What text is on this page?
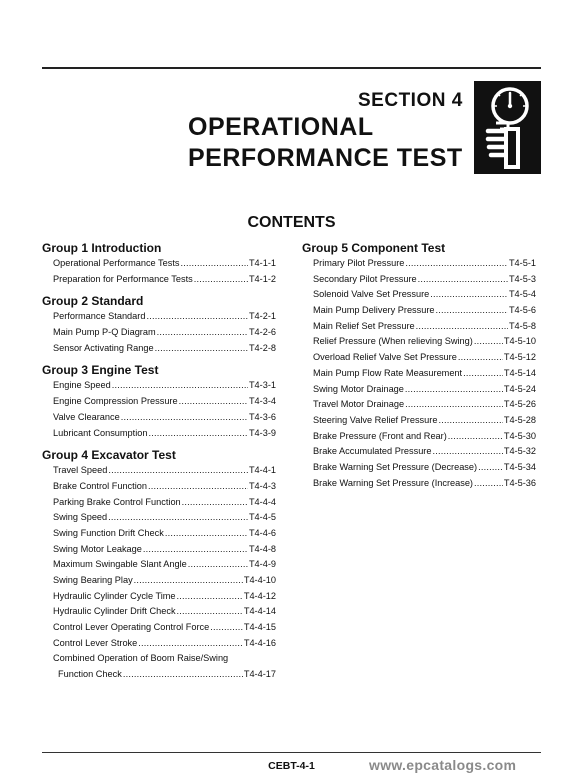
SECTION 4
OPERATIONAL
PERFORMANCE TEST
CONTENTS
Group 1 Introduction
Operational Performance Tests .....	T4-1-1
Preparation for Performance Tests .....	T4-1-2
Group 2 Standard
Performance Standard .....	T4-2-1
Main Pump P-Q Diagram .....	T4-2-6
Sensor Activating Range .....	T4-2-8
Group 3 Engine Test
Engine Speed .....	T4-3-1
Engine Compression Pressure .....	T4-3-4
Valve Clearance .....	T4-3-6
Lubricant Consumption .....	T4-3-9
Group 4 Excavator Test
Travel Speed .....	T4-4-1
Brake Control Function .....	T4-4-3
Parking Brake Control Function .....	T4-4-4
Swing Speed .....	T4-4-5
Swing Function Drift Check .....	T4-4-6
Swing Motor Leakage .....	T4-4-8
Maximum Swingable Slant Angle .....	T4-4-9
Swing Bearing Play .....	T4-4-10
Hydraulic Cylinder Cycle Time .....	T4-4-12
Hydraulic Cylinder Drift Check .....	T4-4-14
Control Lever Operating Control Force .....	T4-4-15
Control Lever Stroke .....	T4-4-16
Combined Operation of Boom Raise/Swing
Function Check .....	T4-4-17
Group 5 Component Test
Primary Pilot Pressure .....	T4-5-1
Secondary Pilot Pressure .....	T4-5-3
Solenoid Valve Set Pressure .....	T4-5-4
Main Pump Delivery Pressure .....	T4-5-6
Main Relief Set Pressure .....	T4-5-8
Relief Pressure (When relieving Swing) .....	T4-5-10
Overload Relief Valve Set Pressure .....	T4-5-12
Main Pump Flow Rate Measurement .....	T4-5-14
Swing Motor Drainage .....	T4-5-24
Travel Motor Drainage .....	T4-5-26
Steering Valve Relief Pressure .....	T4-5-28
Brake Pressure (Front and Rear) .....	T4-5-30
Brake Accumulated Pressure .....	T4-5-32
Brake Warning Set Pressure (Decrease) .....	T4-5-34
Brake Warning Set Pressure (Increase) .....	T4-5-36
CEBT-4-1	www.epcatalogs.com
